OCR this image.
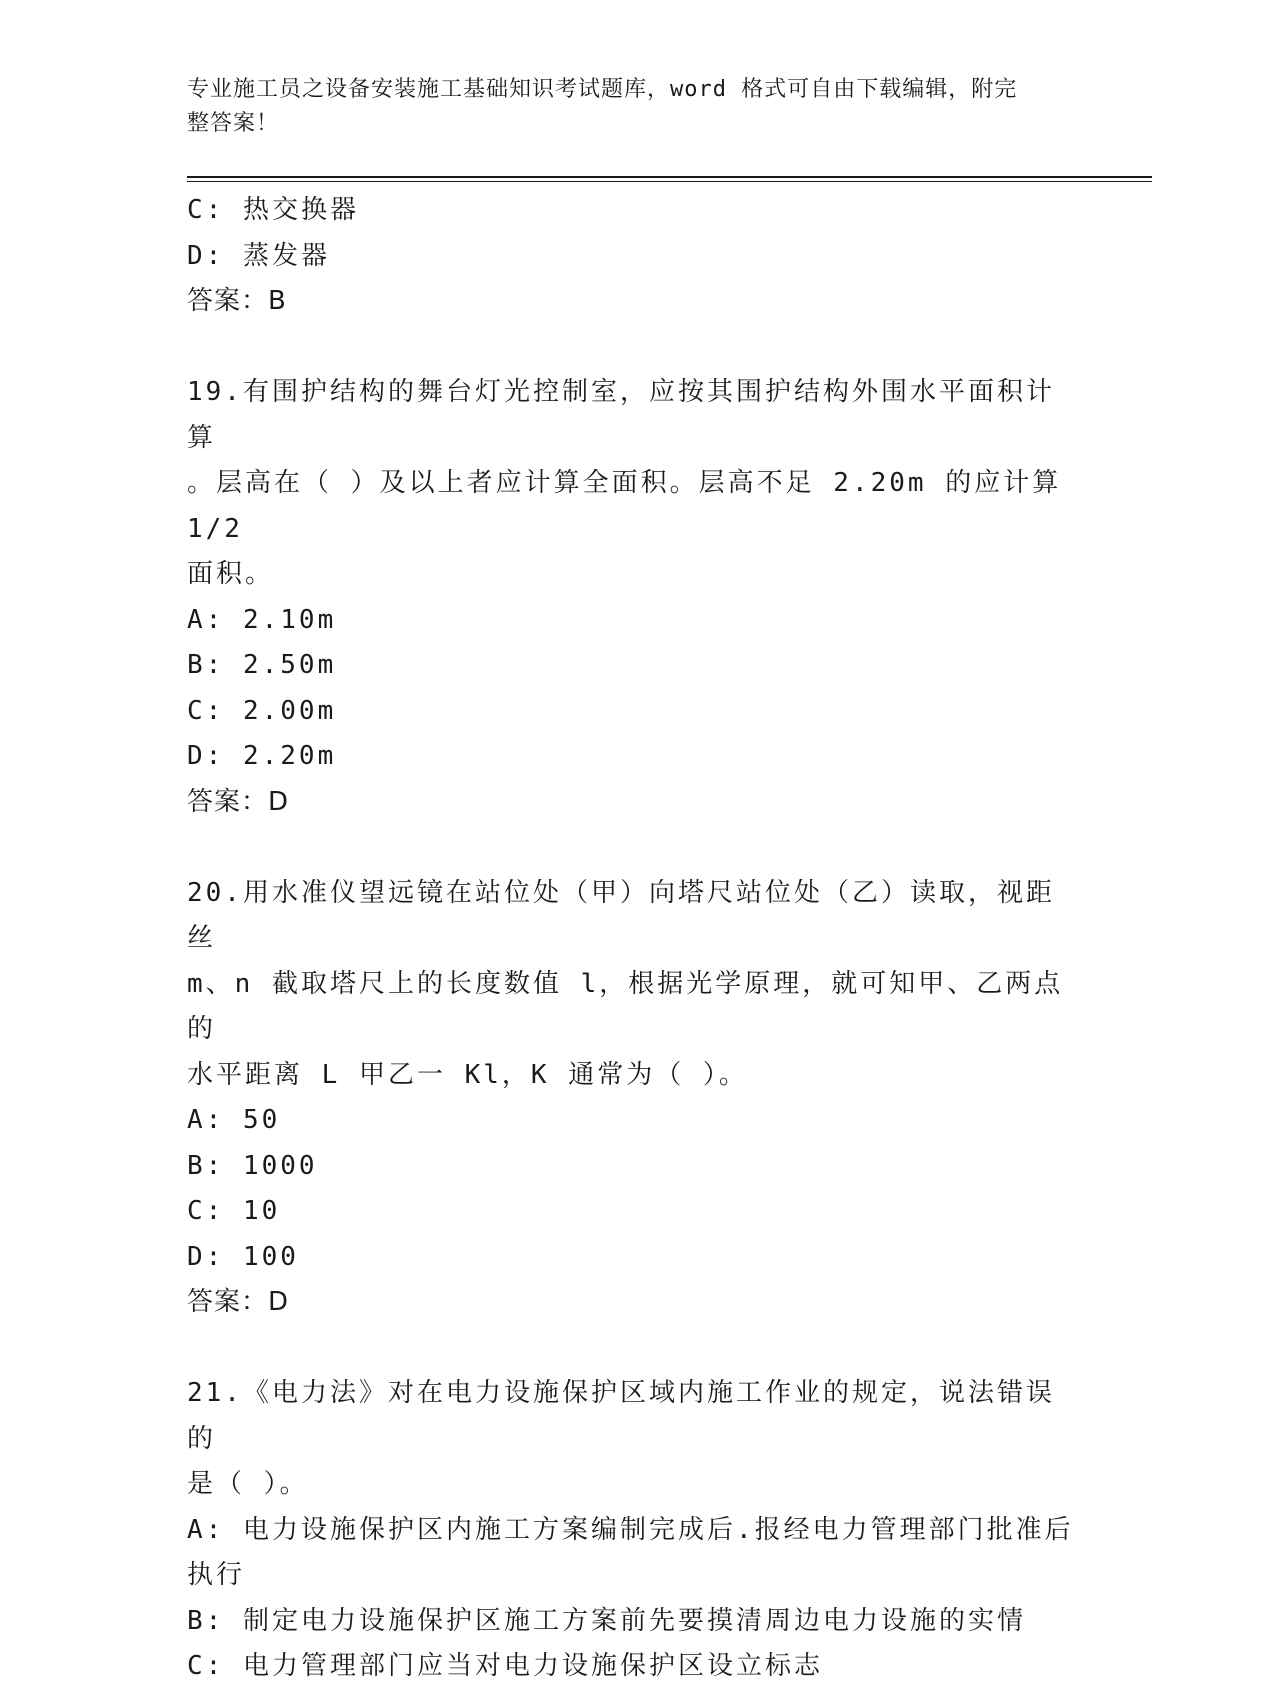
专业施工员之设备安装施工基础知识考试题库，word 格式可自由下载编辑，附完
整答案！
C: 热交换器
D: 蒸发器
答案：B
19.有围护结构的舞台灯光控制室，应按其围护结构外围水平面积计算
。层高在（ ）及以上者应计算全面积。层高不足 2.20m 的应计算 1/2
面积。
A: 2.10m
B: 2.50m
C: 2.00m
D: 2.20m
答案：D
20.用水准仪望远镜在站位处（甲）向塔尺站位处（乙）读取，视距丝
m、n 截取塔尺上的长度数值 l，根据光学原理，就可知甲、乙两点的
水平距离 L 甲乙一 Kl，K 通常为（ ）。
A: 50
B: 1000
C: 10
D: 100
答案：D
21.《电力法》对在电力设施保护区域内施工作业的规定，说法错误的
是（ ）。
A: 电力设施保护区内施工方案编制完成后.报经电力管理部门批准后
执行
B: 制定电力设施保护区施工方案前先要摸清周边电力设施的实情
C: 电力管理部门应当对电力设施保护区设立标志
